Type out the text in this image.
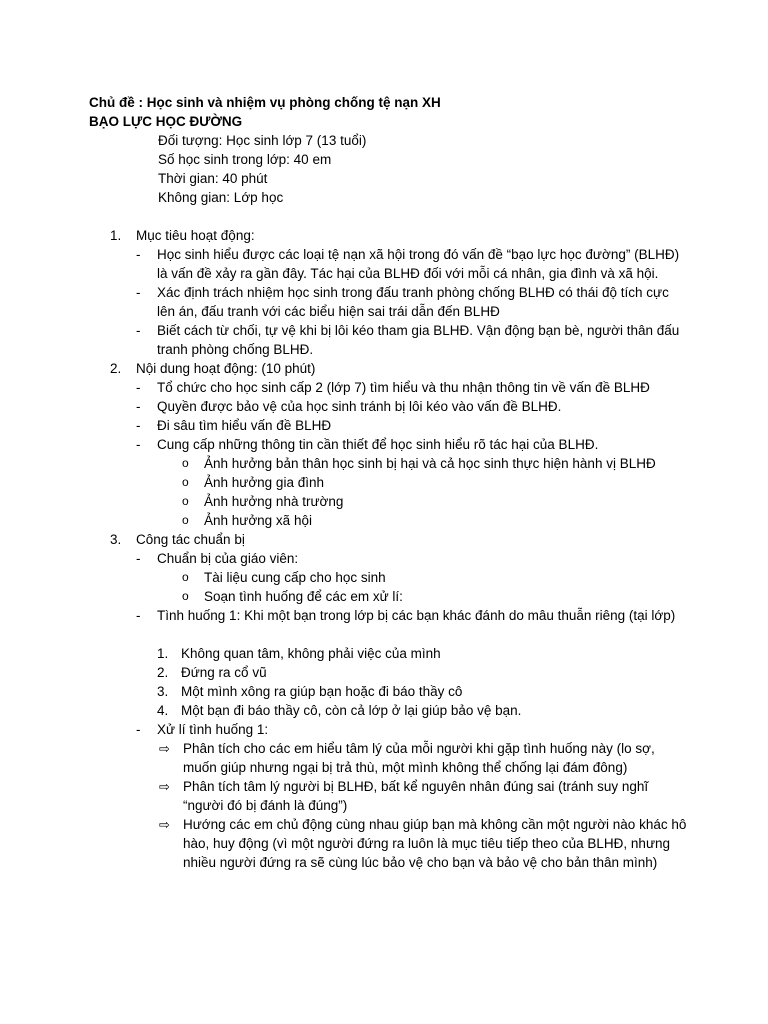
Chủ đề : Học sinh và nhiệm vụ phòng chống tệ nạn XH
BẠO LỰC HỌC ĐƯỜNG
Đối tượng: Học sinh lớp 7 (13 tuổi)
Số học sinh trong lớp: 40 em
Thời gian: 40 phút
Không gian: Lớp học
1.	Mục tiêu hoạt động:
-	Học sinh hiểu được các loại tệ nạn xã hội trong đó vấn đề “bạo lực học đường” (BLHĐ) là vấn đề xảy ra gần đây. Tác hại của BLHĐ đối với mỗi cá nhân, gia đình và xã hội.
-	Xác định trách nhiệm học sinh trong đấu tranh phòng chống BLHĐ có thái độ tích cực lên án, đấu tranh với các biểu hiện sai trái dẫn đến BLHĐ
-	Biết cách từ chối, tự vệ khi bị lôi kéo tham gia BLHĐ. Vận động bạn bè, người thân đấu tranh phòng chống BLHĐ.
2.	Nội dung hoạt động: (10 phút)
-	Tổ chức cho học sinh cấp 2 (lớp 7) tìm hiểu và thu nhận thông tin về vấn đề BLHĐ
-	Quyền được bảo vệ của học sinh tránh bị lôi kéo vào vấn đề BLHĐ.
-	Đi sâu tìm hiểu vấn đề BLHĐ
-	Cung cấp những thông tin cần thiết để học sinh hiểu rõ tác hại của BLHĐ.
o	Ảnh hưởng bản thân học sinh bị hại và cả học sinh thực hiện hành vị BLHĐ
o	Ảnh hưởng gia đình
o	Ảnh hưởng nhà trường
o	Ảnh hưởng xã hội
3.	Công tác chuẩn bị
-	Chuẩn bị của giáo viên:
o	Tài liệu cung cấp cho học sinh
o	Soạn tình huống để các em xử lí:
-	Tình huống 1: Khi một bạn trong lớp bị các bạn khác đánh do mâu thuẫn riêng (tại lớp)
1. Không quan tâm, không phải việc của mình
2. Đứng ra cổ vũ
3. Một mình xông ra giúp bạn hoặc đi báo thầy cô
4. Một bạn đi báo thầy cô, còn cả lớp ở lại giúp bảo vệ bạn.
-	Xử lí tình huống 1:
⇨ Phân tích cho các em hiểu tâm lý của mỗi người khi gặp tình huống này (lo sợ, muốn giúp nhưng ngại bị trả thù, một mình không thể chống lại đám đông)
⇨ Phân tích tâm lý người bị BLHĐ, bất kể nguyên nhân đúng sai (tránh suy nghĩ “người đó bị đánh là đúng”)
⇨ Hướng các em chủ động cùng nhau giúp bạn mà không cần một người nào khác hô hào, huy động (vì một người đứng ra luôn là mục tiêu tiếp theo của BLHĐ, nhưng nhiều người đứng ra sẽ cùng lúc bảo vệ cho bạn và bảo vệ cho bản thân mình)
